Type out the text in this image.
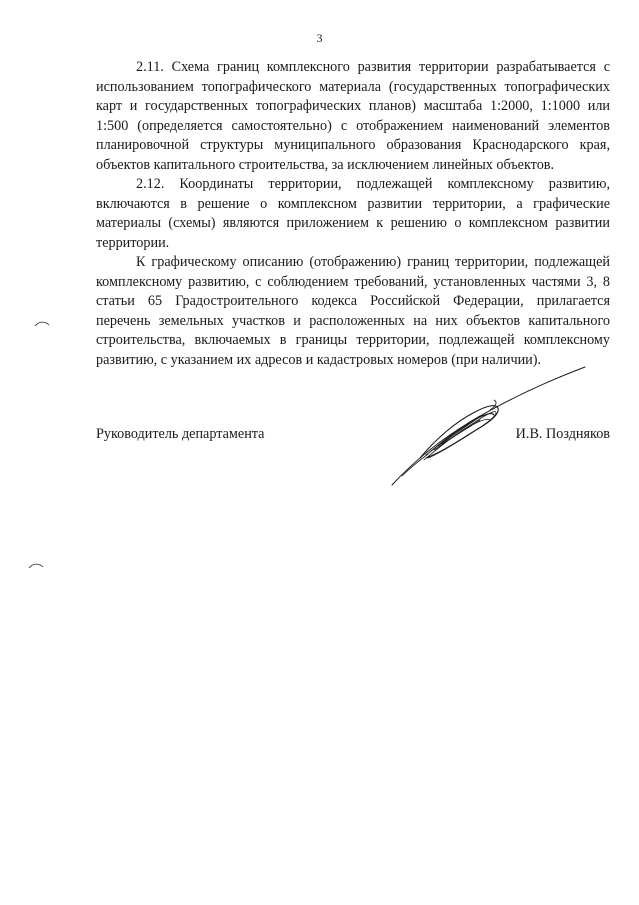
3

2.11. Схема границ комплексного развития территории разрабатывается с использованием топографического материала (государственных топографических карт и государственных топографических планов) масштаба 1:2000, 1:1000 или 1:500 (определяется самостоятельно) с отображением наименований элементов планировочной структуры муниципального образования Краснодарского края, объектов капитального строительства, за исключением линейных объектов.

2.12. Координаты территории, подлежащей комплексному развитию, включаются в решение о комплексном развитии территории, а графические материалы (схемы) являются приложением к решению о комплексном развитии территории.

К графическому описанию (отображению) границ территории, подлежащей комплексному развитию, с соблюдением требований, установленных частями 3, 8 статьи 65 Градостроительного кодекса Российской Федерации, прилагается перечень земельных участков и расположенных на них объектов капитального строительства, включаемых в границы территории, подлежащей комплексному развитию, с указанием их адресов и кадастровых номеров (при наличии).

Руководитель департамента	И.В. Поздняков
